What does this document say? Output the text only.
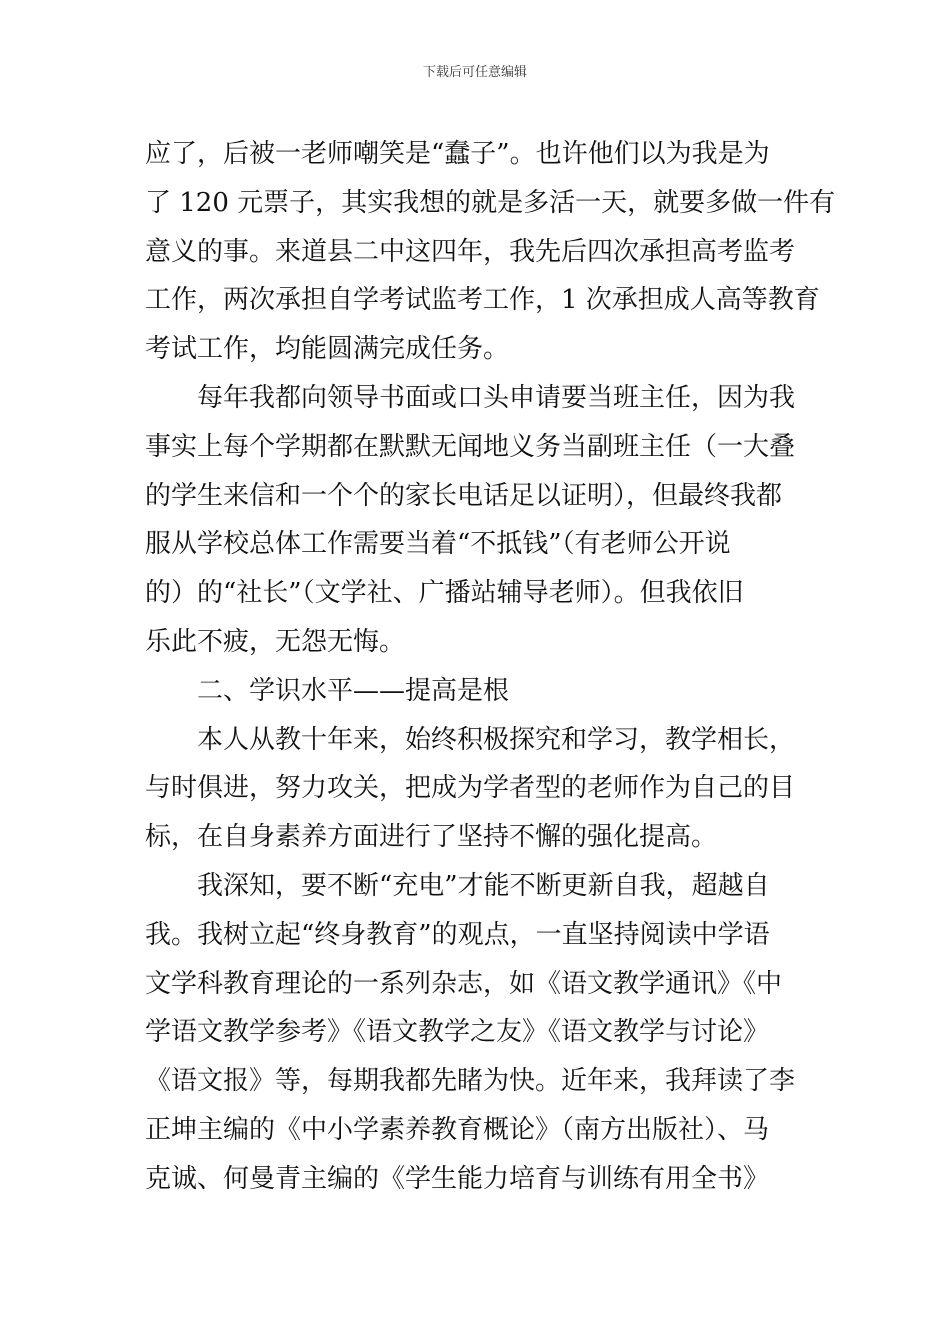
下载后可任意编辑
应了，后被一老师嘲笑是“蠢子”。也许他们以为我是为
了 120 元票子，其实我想的就是多活一天，就要多做一件有
意义的事。来道县二中这四年，我先后四次承担高考监考
工作，两次承担自学考试监考工作，1 次承担成人高等教育
考试工作，均能圆满完成任务。
每年我都向领导书面或口头申请要当班主任，因为我
事实上每个学期都在默默无闻地义务当副班主任（一大叠
的学生来信和一个个的家长电话足以证明），但最终我都
服从学校总体工作需要当着“不抵钱”（有老师公开说
的）的“社长”（文学社、广播站辅导老师）。但我依旧
乐此不疲，无怨无悔。
二、学识水平——提高是根
本人从教十年来，始终积极探究和学习，教学相长，
与时俱进，努力攻关，把成为学者型的老师作为自己的目
标，在自身素养方面进行了坚持不懈的强化提高。
我深知，要不断“充电”才能不断更新自我，超越自
我。我树立起“终身教育”的观点，一直坚持阅读中学语
文学科教育理论的一系列杂志，如《语文教学通讯》《中
学语文教学参考》《语文教学之友》《语文教学与讨论》
《语文报》等，每期我都先睹为快。近年来，我拜读了李
正坤主编的《中小学素养教育概论》（南方出版社）、马
克诚、何曼青主编的《学生能力培育与训练有用全书》
